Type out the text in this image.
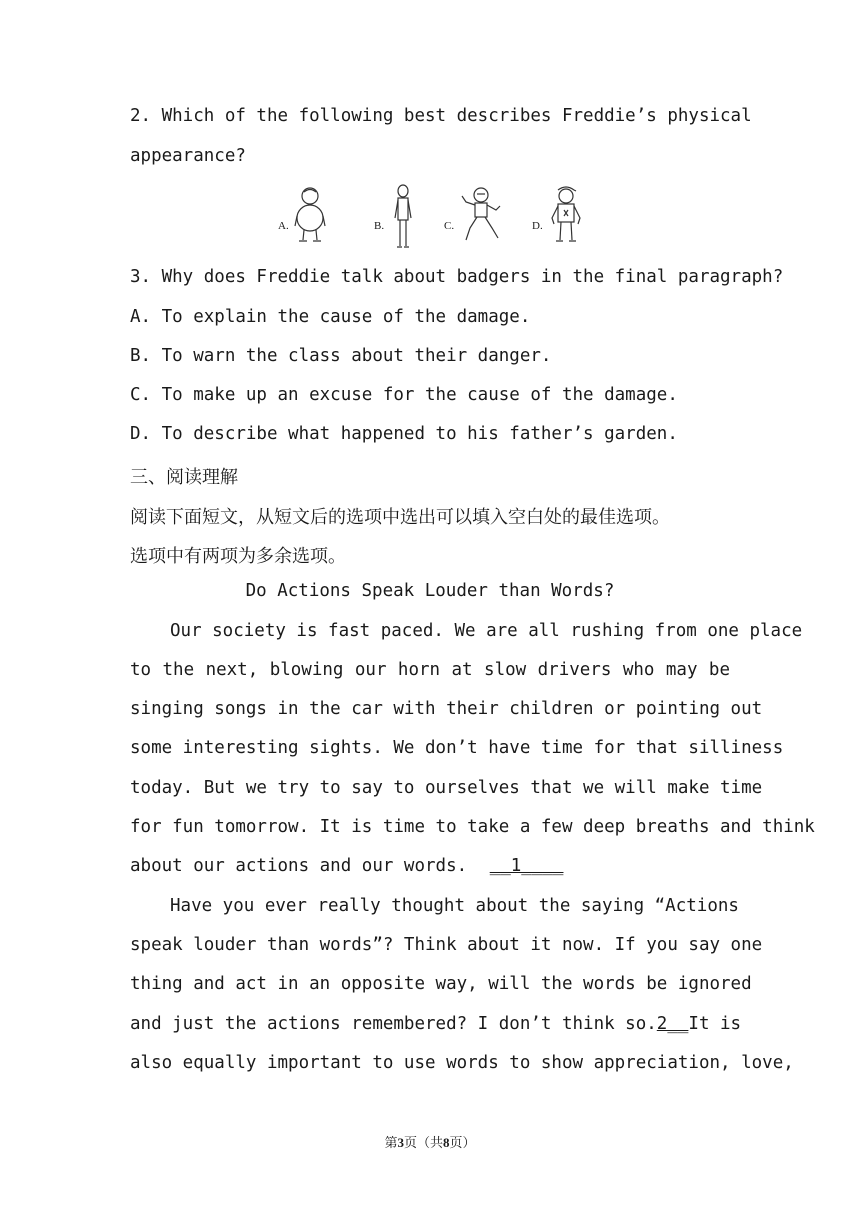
2. Which of the following best describes Freddie’s physical
appearance?
A.	B.	C.	D.
3. Why does Freddie talk about badgers in the final paragraph?
A. To explain the cause of the damage.
B. To warn the class about their danger.
C. To make up an excuse for the cause of the damage.
D. To describe what happened to his father’s garden.
三、阅读理解
阅读下面短文，从短文后的选项中选出可以填入空白处的最佳选项。
选项中有两项为多余选项。
Do Actions Speak Louder than Words?
Our society is fast paced. We are all rushing from one place
to the next, blowing our horn at slow drivers who may be
singing songs in the car with their children or pointing out
some interesting sights. We don’t have time for that silliness
today. But we try to say to ourselves that we will make time
for fun tomorrow. It is time to take a few deep breaths and think
about our actions and our words. __1____
Have you ever really thought about the saying “Actions
speak louder than words”? Think about it now. If you say one
thing and act in an opposite way, will the words be ignored
and just the actions remembered? I don’t think so. 2__ It is
also equally important to use words to show appreciation, love,
第3页（共8页）
